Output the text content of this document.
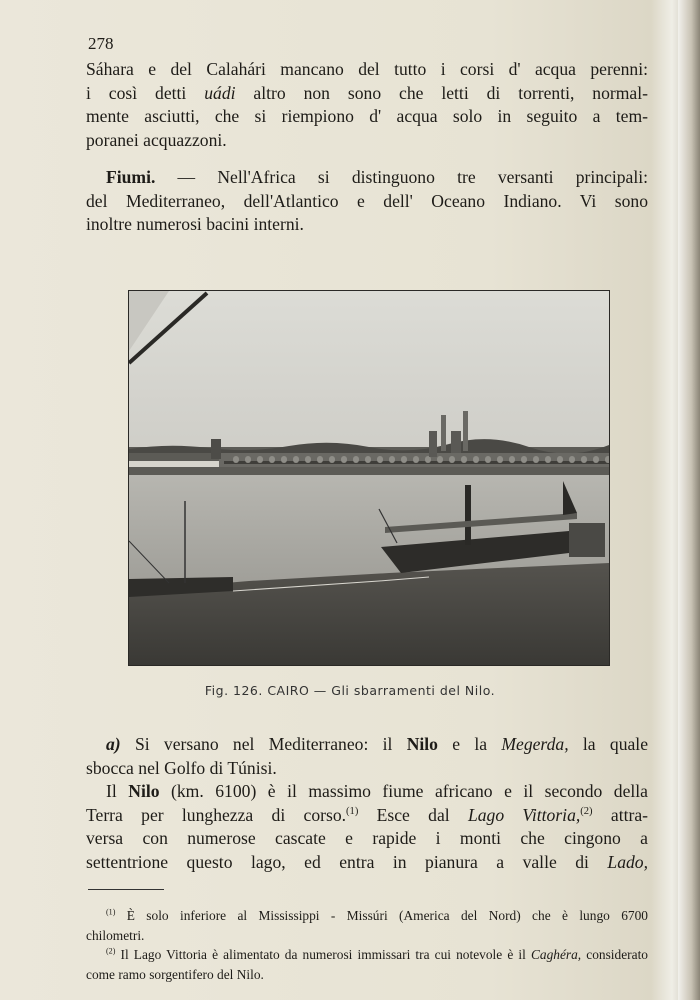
278

Sáhara e del Calahári mancano del tutto i corsi d' acqua perenni:

i così detti uádi altro non sono che letti di torrenti, normal-

mente asciutti, che si riempiono d' acqua solo in seguito a tem-

poranei acquazzoni.

Fiumi. — Nell'Africa si distinguono tre versanti principali:

del Mediterraneo, dell'Atlantico e dell' Oceano Indiano. Vi sono

inoltre numerosi bacini interni.

Fig. 126. CAIRO — Gli sbarramenti del Nilo.

a) Si versano nel Mediterraneo: il Nilo e la Megerda, la quale

sbocca nel Golfo di Túnisi.

Il Nilo (km. 6100) è il massimo fiume africano e il secondo della

Terra per lunghezza di corso.$^{(1)}$ Esce dal Lago Vittoria,$^{(2)}$ attra-

versa con numerose cascate e rapide i monti che cingono a

settentrione questo lago, ed entra in pianura a valle di Lado,

$^{(1)}$ È solo inferiore al Mississippi - Missúri (America del Nord) che è lungo 6700

chilometri.

$^{(2)}$ Il Lago Vittoria è alimentato da numerosi immissari tra cui notevole è il Caghéra, considerato come ramo sorgentifero del Nilo.
